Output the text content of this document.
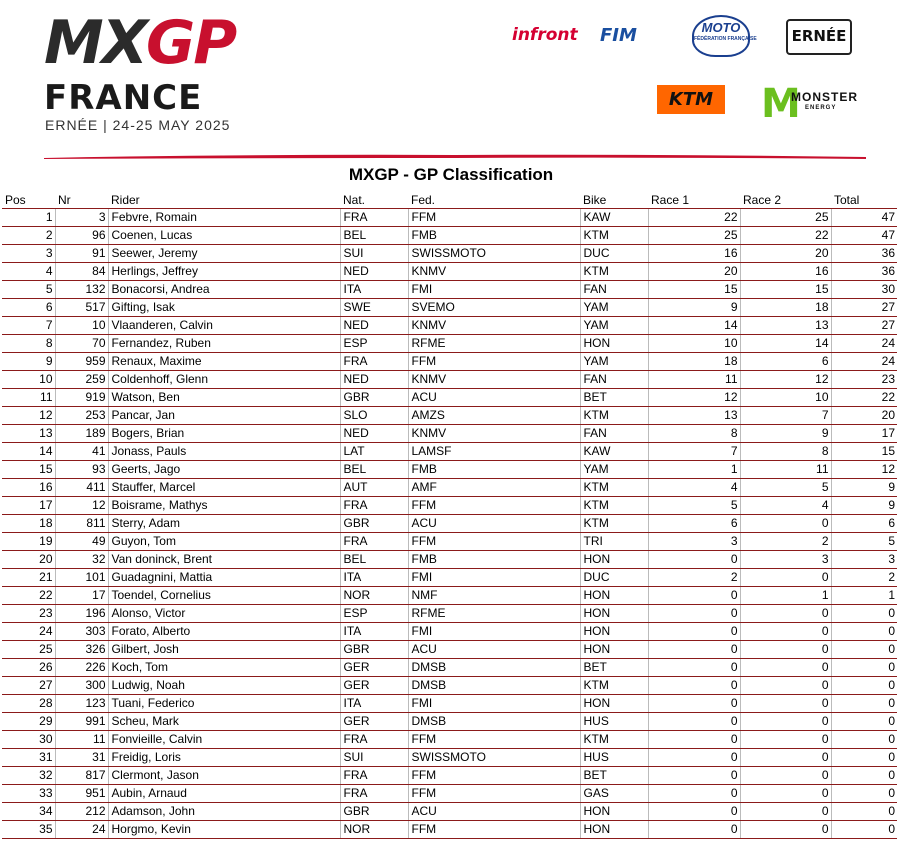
MXGP
FRANCE
ERNÉE | 24-25 MAY 2025
infront FIM	MOTO
FÉDÉRATION FRANÇAISE	ERNÉE
KTM M
MONSTER
ENERGY
MXGP - GP Classification
Pos	Nr	Rider	Nat.	Fed.	Bike	Race 1	Race 2	Total
1	3	Febvre, Romain	FRA	FFM	KAW	22	25	47
2	96	Coenen, Lucas	BEL	FMB	KTM	25	22	47
3	91	Seewer, Jeremy	SUI	SWISSMOTO	DUC	16	20	36
4	84	Herlings, Jeffrey	NED	KNMV	KTM	20	16	36
5	132	Bonacorsi, Andrea	ITA	FMI	FAN	15	15	30
6	517	Gifting, Isak	SWE	SVEMO	YAM	9	18	27
7	10	Vlaanderen, Calvin	NED	KNMV	YAM	14	13	27
8	70	Fernandez, Ruben	ESP	RFME	HON	10	14	24
9	959	Renaux, Maxime	FRA	FFM	YAM	18	6	24
10	259	Coldenhoff, Glenn	NED	KNMV	FAN	11	12	23
11	919	Watson, Ben	GBR	ACU	BET	12	10	22
12	253	Pancar, Jan	SLO	AMZS	KTM	13	7	20
13	189	Bogers, Brian	NED	KNMV	FAN	8	9	17
14	41	Jonass, Pauls	LAT	LAMSF	KAW	7	8	15
15	93	Geerts, Jago	BEL	FMB	YAM	1	11	12
16	411	Stauffer, Marcel	AUT	AMF	KTM	4	5	9
17	12	Boisrame, Mathys	FRA	FFM	KTM	5	4	9
18	811	Sterry, Adam	GBR	ACU	KTM	6	0	6
19	49	Guyon, Tom	FRA	FFM	TRI	3	2	5
20	32	Van doninck, Brent	BEL	FMB	HON	0	3	3
21	101	Guadagnini, Mattia	ITA	FMI	DUC	2	0	2
22	17	Toendel, Cornelius	NOR	NMF	HON	0	1	1
23	196	Alonso, Victor	ESP	RFME	HON	0	0	0
24	303	Forato, Alberto	ITA	FMI	HON	0	0	0
25	326	Gilbert, Josh	GBR	ACU	HON	0	0	0
26	226	Koch, Tom	GER	DMSB	BET	0	0	0
27	300	Ludwig, Noah	GER	DMSB	KTM	0	0	0
28	123	Tuani, Federico	ITA	FMI	HON	0	0	0
29	991	Scheu, Mark	GER	DMSB	HUS	0	0	0
30	11	Fonvieille, Calvin	FRA	FFM	KTM	0	0	0
31	31	Freidig, Loris	SUI	SWISSMOTO	HUS	0	0	0
32	817	Clermont, Jason	FRA	FFM	BET	0	0	0
33	951	Aubin, Arnaud	FRA	FFM	GAS	0	0	0
34	212	Adamson, John	GBR	ACU	HON	0	0	0
35	24	Horgmo, Kevin	NOR	FFM	HON	0	0	0
